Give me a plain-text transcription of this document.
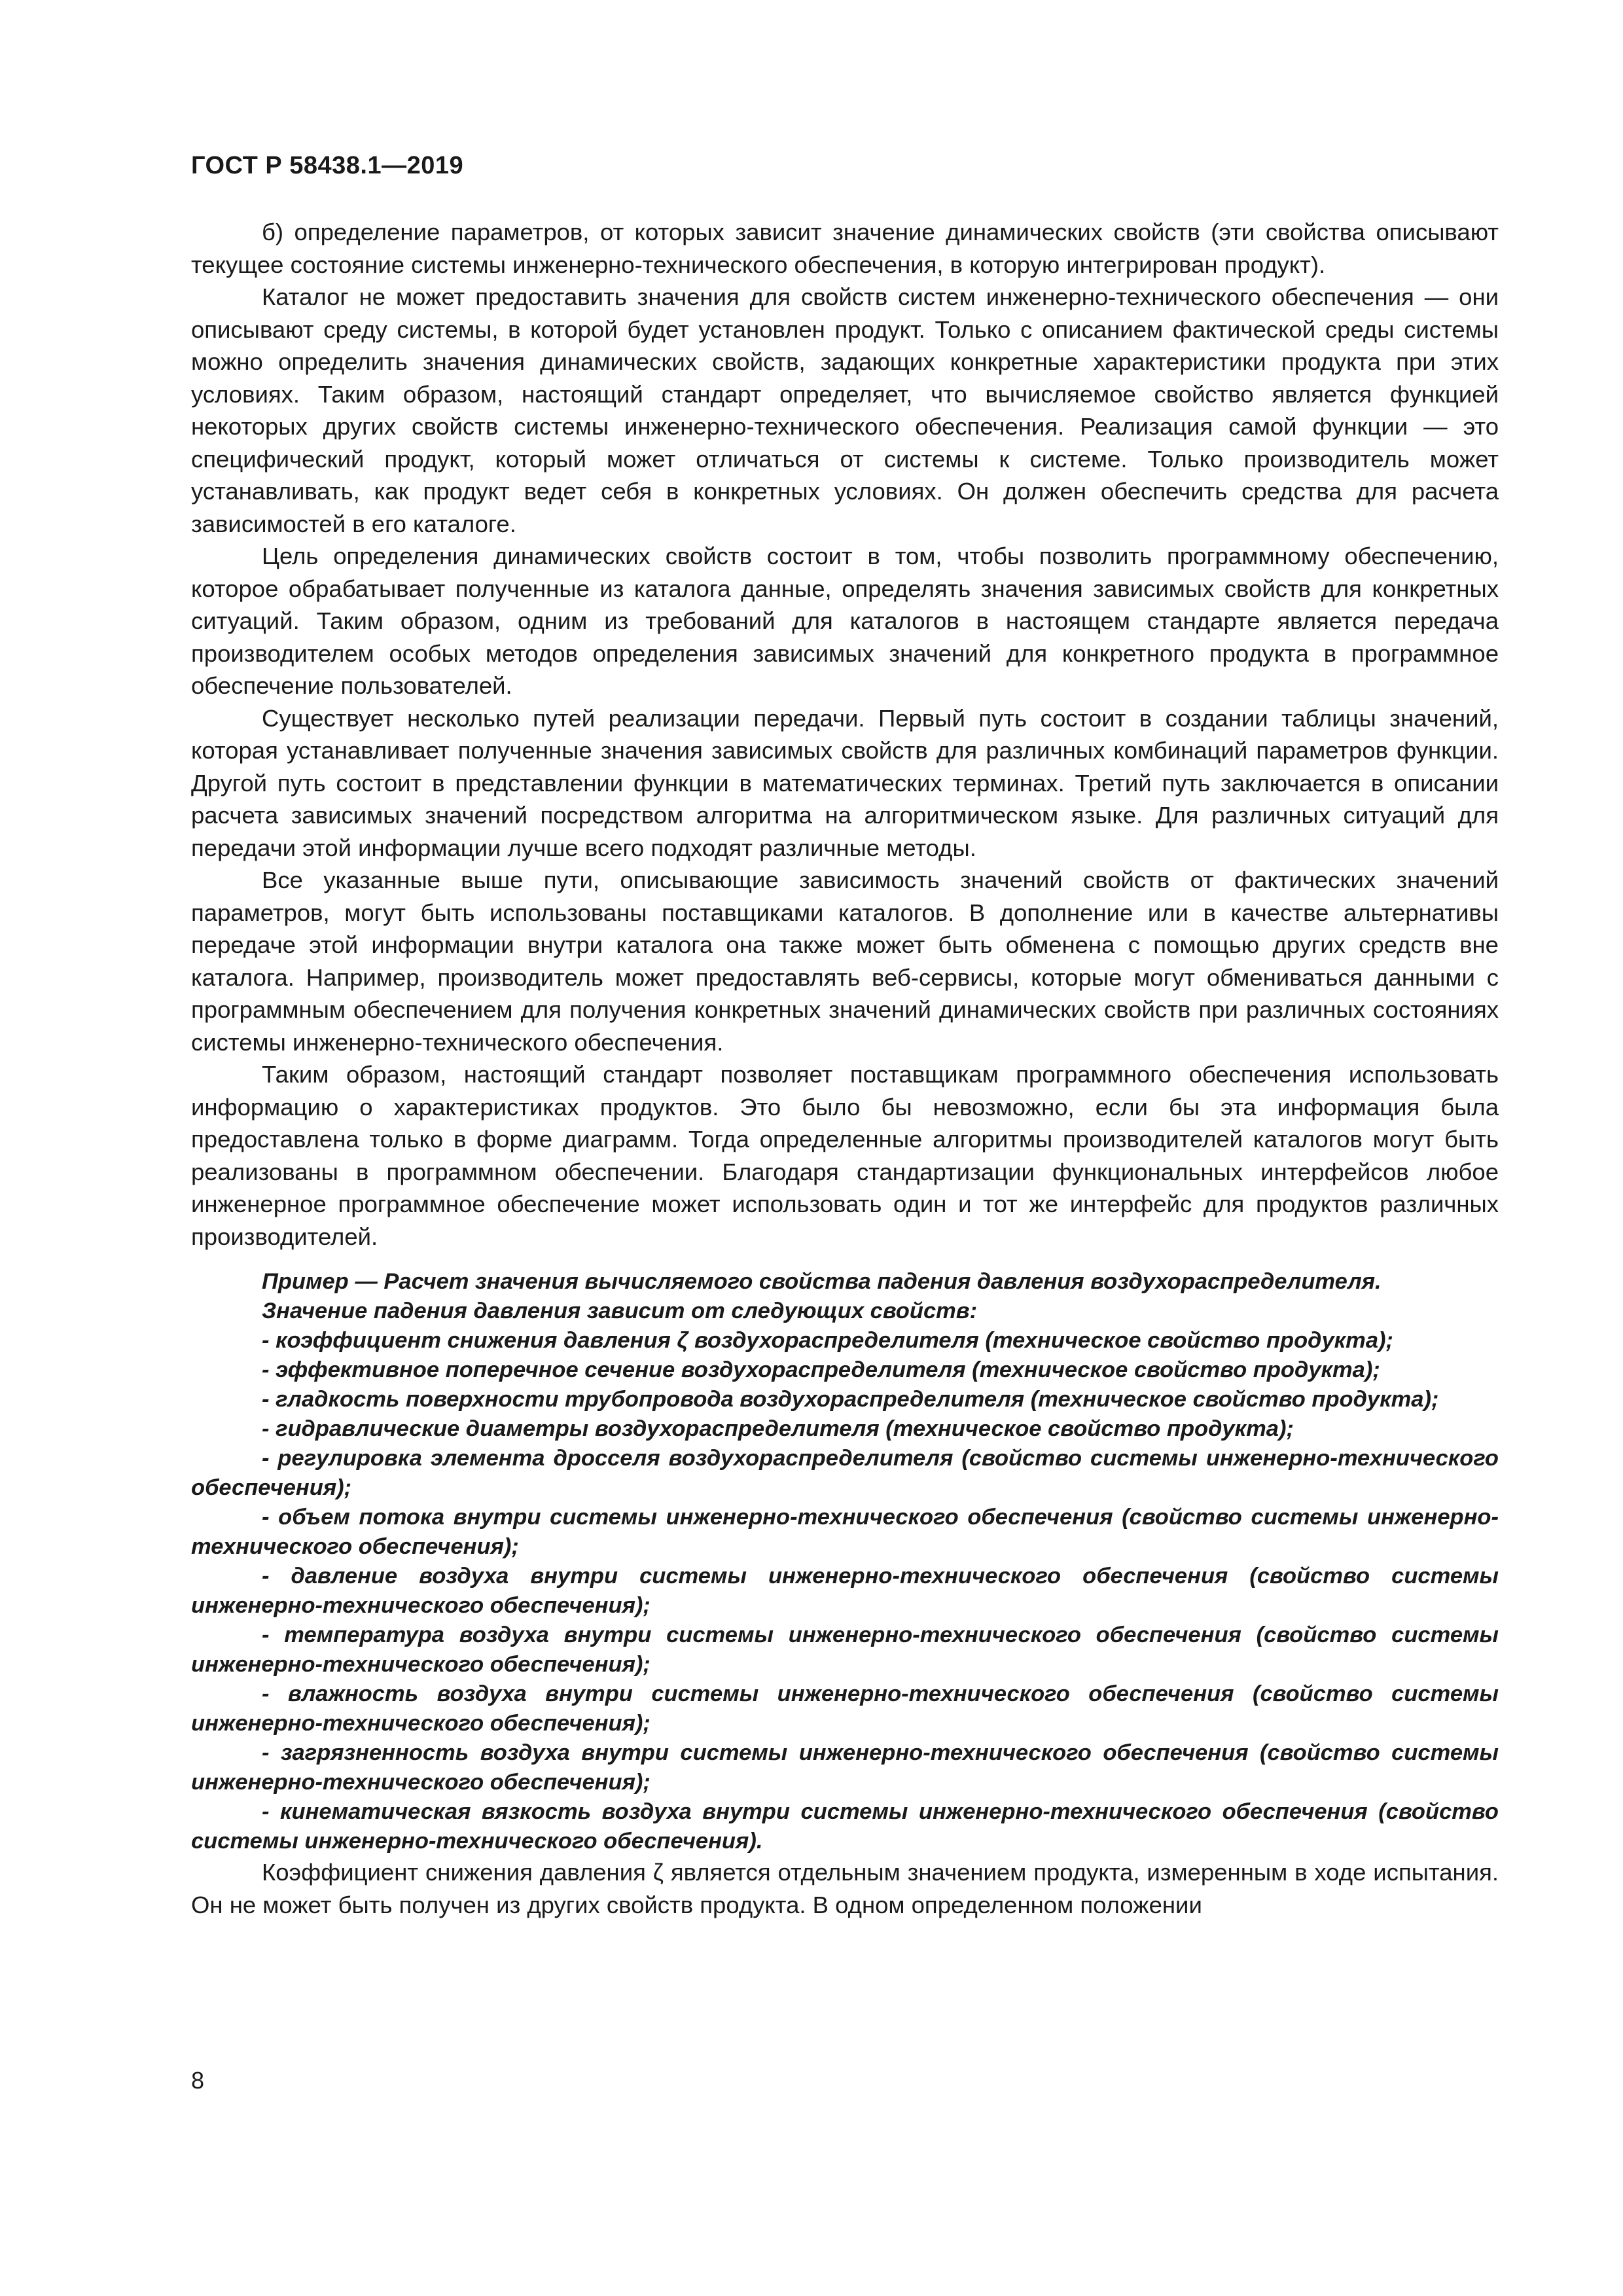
ГОСТ Р 58438.1—2019

б) определение параметров, от которых зависит значение динамических свойств (эти свойства описывают текущее состояние системы инженерно-технического обеспечения, в которую интегрирован продукт).

Каталог не может предоставить значения для свойств систем инженерно-технического обеспечения — они описывают среду системы, в которой будет установлен продукт. Только с описанием фактической среды системы можно определить значения динамических свойств, задающих конкретные характеристики продукта при этих условиях. Таким образом, настоящий стандарт определяет, что вычисляемое свойство является функцией некоторых других свойств системы инженерно-технического обеспечения. Реализация самой функции — это специфический продукт, который может отличаться от системы к системе. Только производитель может устанавливать, как продукт ведет себя в конкретных условиях. Он должен обеспечить средства для расчета зависимостей в его каталоге.

Цель определения динамических свойств состоит в том, чтобы позволить программному обеспечению, которое обрабатывает полученные из каталога данные, определять значения зависимых свойств для конкретных ситуаций. Таким образом, одним из требований для каталогов в настоящем стандарте является передача производителем особых методов определения зависимых значений для конкретного продукта в программное обеспечение пользователей.

Существует несколько путей реализации передачи. Первый путь состоит в создании таблицы значений, которая устанавливает полученные значения зависимых свойств для различных комбинаций параметров функции. Другой путь состоит в представлении функции в математических терминах. Третий путь заключается в описании расчета зависимых значений посредством алгоритма на алгоритмическом языке. Для различных ситуаций для передачи этой информации лучше всего подходят различные методы.

Все указанные выше пути, описывающие зависимость значений свойств от фактических значений параметров, могут быть использованы поставщиками каталогов. В дополнение или в качестве альтернативы передаче этой информации внутри каталога она также может быть обменена с помощью других средств вне каталога. Например, производитель может предоставлять веб-сервисы, которые могут обмениваться данными с программным обеспечением для получения конкретных значений динамических свойств при различных состояниях системы инженерно-технического обеспечения.

Таким образом, настоящий стандарт позволяет поставщикам программного обеспечения использовать информацию о характеристиках продуктов. Это было бы невозможно, если бы эта информация была предоставлена только в форме диаграмм. Тогда определенные алгоритмы производителей каталогов могут быть реализованы в программном обеспечении. Благодаря стандартизации функциональных интерфейсов любое инженерное программное обеспечение может использовать один и тот же интерфейс для продуктов различных производителей.

Пример — Расчет значения вычисляемого свойства падения давления воздухораспределителя.

Значение падения давления зависит от следующих свойств:

- коэффициент снижения давления ζ воздухораспределителя (техническое свойство продукта);

- эффективное поперечное сечение воздухораспределителя (техническое свойство продукта);

- гладкость поверхности трубопровода воздухораспределителя (техническое свойство продукта);

- гидравлические диаметры воздухораспределителя (техническое свойство продукта);

- регулировка элемента дросселя воздухораспределителя (свойство системы инженерно-технического обеспечения);

- объем потока внутри системы инженерно-технического обеспечения (свойство системы инженерно-технического обеспечения);

- давление воздуха внутри системы инженерно-технического обеспечения (свойство системы инженерно-технического обеспечения);

- температура воздуха внутри системы инженерно-технического обеспечения (свойство системы инженерно-технического обеспечения);

- влажность воздуха внутри системы инженерно-технического обеспечения (свойство системы инженерно-технического обеспечения);

- загрязненность воздуха внутри системы инженерно-технического обеспечения (свойство системы инженерно-технического обеспечения);

- кинематическая вязкость воздуха внутри системы инженерно-технического обеспечения (свойство системы инженерно-технического обеспечения).

Коэффициент снижения давления ζ является отдельным значением продукта, измеренным в ходе испытания. Он не может быть получен из других свойств продукта. В одном определенном положении

8
